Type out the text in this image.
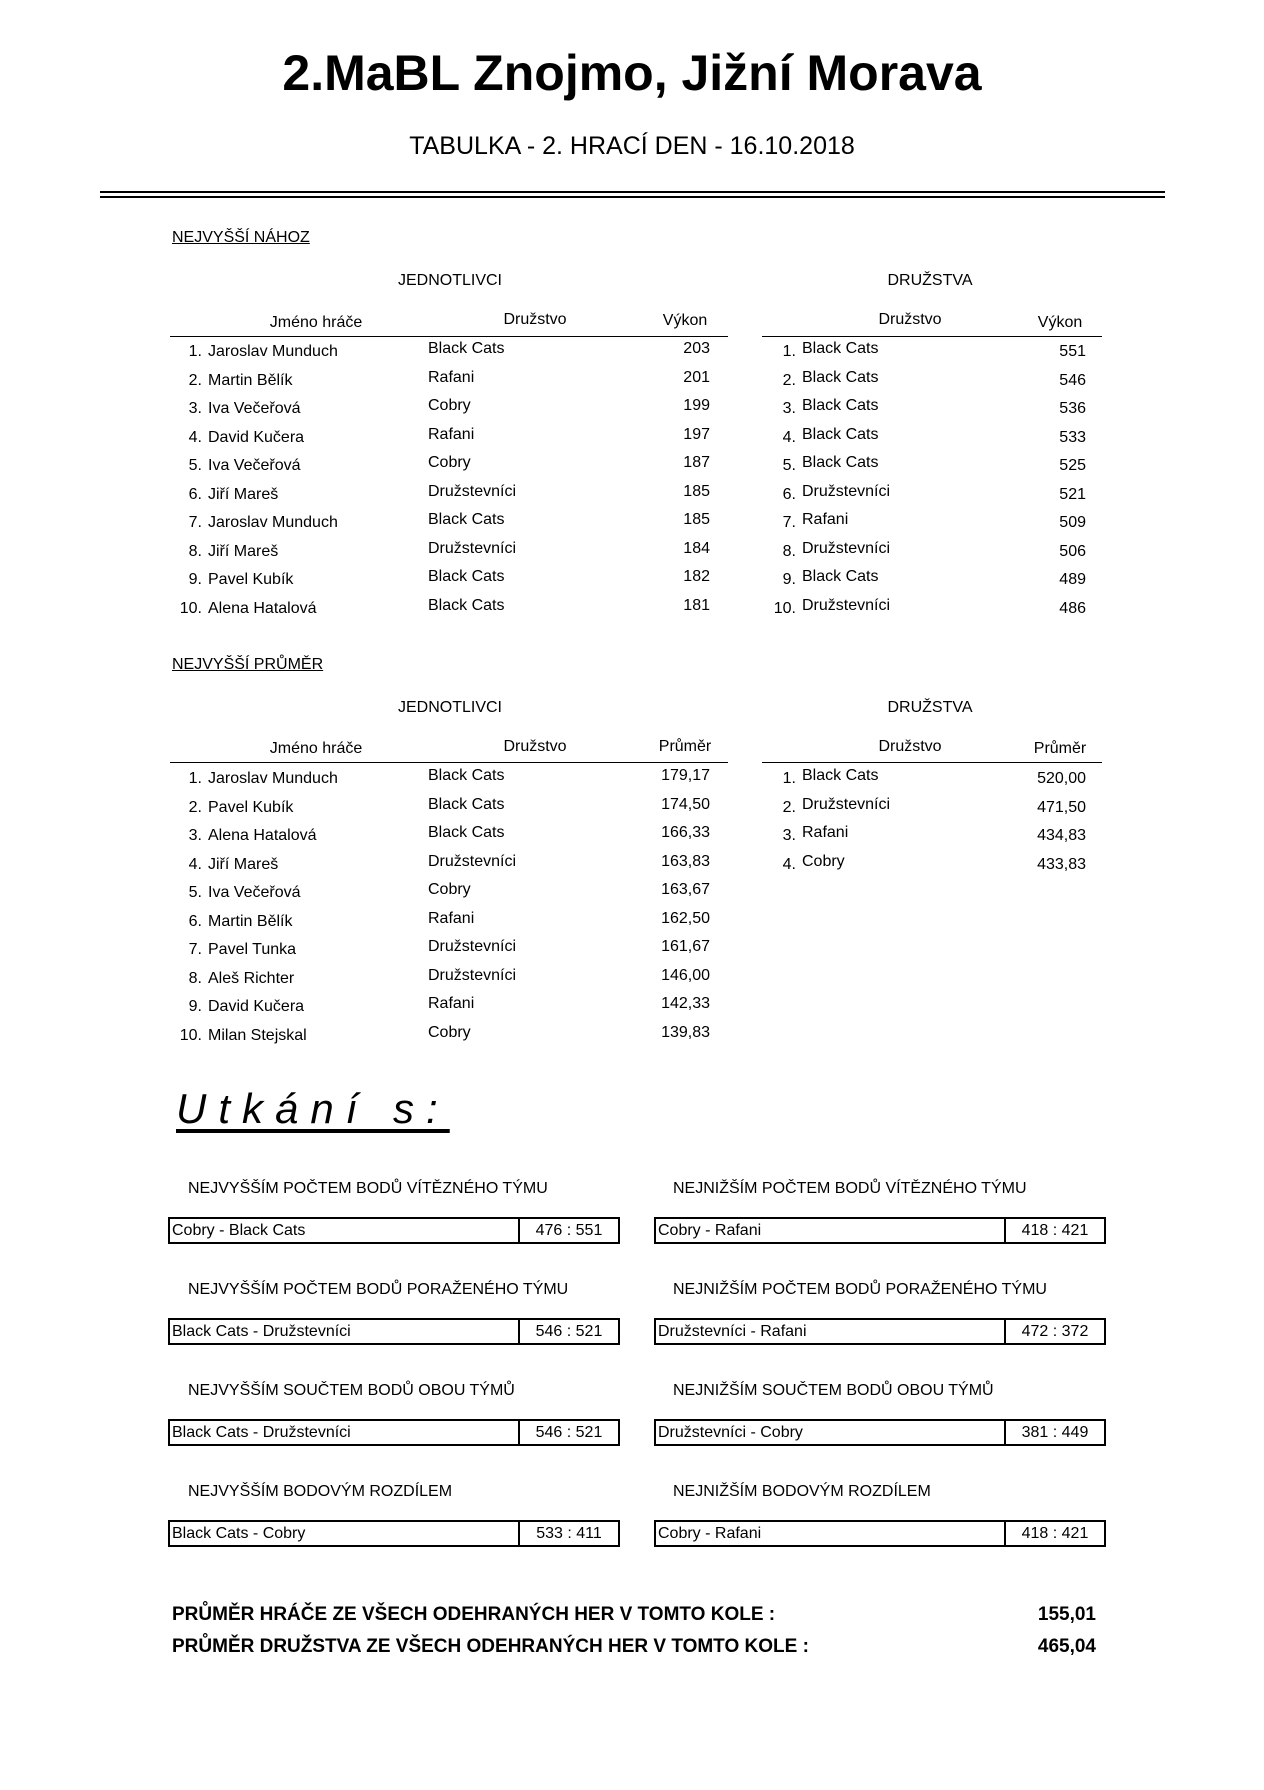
2.MaBL Znojmo, Jižní Morava
TABULKA - 2. HRACÍ DEN - 16.10.2018
NEJVYŠŠÍ NÁHOZ
JEDNOTLIVCI	DRUŽSTVA
Jméno hráče	Družstvo	Výkon	Družstvo	Výkon
1. Jaroslav Munduch	Black Cats	203
2. Martin Bělík	Rafani	201
3. Iva Večeřová	Cobry	199
4. David Kučera	Rafani	197
5. Iva Večeřová	Cobry	187
6. Jiří Mareš	Družstevníci	185
7. Jaroslav Munduch	Black Cats	185
8. Jiří Mareš	Družstevníci	184
9. Pavel Kubík	Black Cats	182
10. Alena Hatalová	Black Cats	181
1. Black Cats	551
2. Black Cats	546
3. Black Cats	536
4. Black Cats	533
5. Black Cats	525
6. Družstevníci	521
7. Rafani	509
8. Družstevníci	506
9. Black Cats	489
10. Družstevníci	486
NEJVYŠŠÍ PRŮMĚR
JEDNOTLIVCI	DRUŽSTVA
Jméno hráče	Družstvo	Průměr	Družstvo	Průměr
1. Jaroslav Munduch	Black Cats	179,17
2. Pavel Kubík	Black Cats	174,50
3. Alena Hatalová	Black Cats	166,33
4. Jiří Mareš	Družstevníci	163,83
5. Iva Večeřová	Cobry	163,67
6. Martin Bělík	Rafani	162,50
7. Pavel Tunka	Družstevníci	161,67
8. Aleš Richter	Družstevníci	146,00
9. David Kučera	Rafani	142,33
10. Milan Stejskal	Cobry	139,83
1. Black Cats	520,00
2. Družstevníci	471,50
3. Rafani	434,83
4. Cobry	433,83
Utkání s:
NEJVYŠŠÍM POČTEM BODŮ VÍTĚZNÉHO TÝMU
Cobry - Black Cats	476 : 551
NEJNIŽŠÍM POČTEM BODŮ VÍTĚZNÉHO TÝMU
Cobry - Rafani	418 : 421
NEJVYŠŠÍM POČTEM BODŮ PORAŽENÉHO TÝMU
Black Cats - Družstevníci	546 : 521
NEJNIŽŠÍM POČTEM BODŮ PORAŽENÉHO TÝMU
Družstevníci - Rafani	472 : 372
NEJVYŠŠÍM SOUČTEM BODŮ OBOU TÝMŮ
Black Cats - Družstevníci	546 : 521
NEJNIŽŠÍM SOUČTEM BODŮ OBOU TÝMŮ
Družstevníci - Cobry	381 : 449
NEJVYŠŠÍM BODOVÝM ROZDÍLEM
Black Cats - Cobry	533 : 411
NEJNIŽŠÍM BODOVÝM ROZDÍLEM
Cobry - Rafani	418 : 421
PRŮMĚR HRÁČE ZE VŠECH ODEHRANÝCH HER V TOMTO KOLE :	155,01
PRŮMĚR DRUŽSTVA ZE VŠECH ODEHRANÝCH HER V TOMTO KOLE :	465,04
